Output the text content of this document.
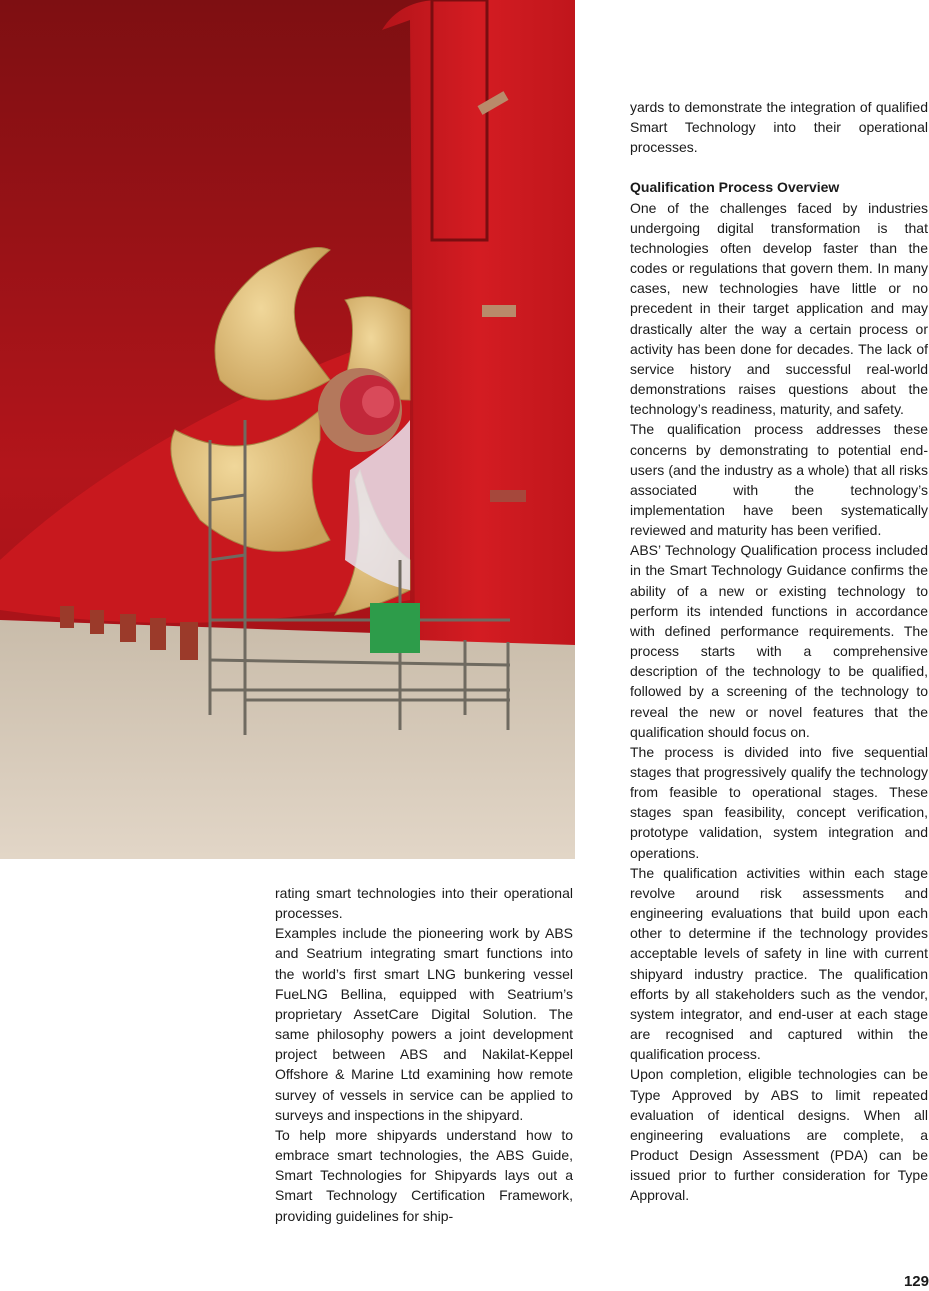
rating smart technologies into their operational processes.

Examples include the pioneering work by ABS and Seatrium integrating smart functions into the world’s first smart LNG bunkering vessel FueLNG Bellina, equipped with Seatrium’s proprietary AssetCare Digital Solution. The same philosophy powers a joint development project between ABS and Nakilat-Keppel Offshore & Marine Ltd examining how remote survey of vessels in service can be applied to surveys and inspections in the shipyard.

To help more shipyards understand how to embrace smart technologies, the ABS Guide, Smart Technologies for Shipyards lays out a Smart Technology Certification Framework, providing guidelines for ship-

yards to demonstrate the integration of qualified Smart Technology into their operational processes.

Qualification Process Overview

One of the challenges faced by industries undergoing digital transformation is that technologies often develop faster than the codes or regulations that govern them. In many cases, new technologies have little or no precedent in their target application and may drastically alter the way a certain process or activity has been done for decades. The lack of service history and successful real-world demonstrations raises questions about the technology’s readiness, maturity, and safety.

The qualification process addresses these concerns by demonstrating to potential end-users (and the industry as a whole) that all risks associated with the technology’s implementation have been systematically reviewed and maturity has been verified.

ABS’ Technology Qualification process included in the Smart Technology Guidance confirms the ability of a new or existing technology to perform its intended functions in accordance with defined performance requirements. The process starts with a comprehensive description of the technology to be qualified, followed by a screening of the technology to reveal the new or novel features that the qualification should focus on.

The process is divided into five sequential stages that progressively qualify the technology from feasible to operational stages. These stages span feasibility, concept verification, prototype validation, system integration and operations.

The qualification activities within each stage revolve around risk assessments and engineering evaluations that build upon each other to determine if the technology provides acceptable levels of safety in line with current shipyard industry practice. The qualification efforts by all stakeholders such as the vendor, system integrator, and end-user at each stage are recognised and captured within the qualification process.

Upon completion, eligible technologies can be Type Approved by ABS to limit repeated evaluation of identical designs. When all engineering evaluations are complete, a Product Design Assessment (PDA) can be issued prior to further consideration for Type Approval.

129
